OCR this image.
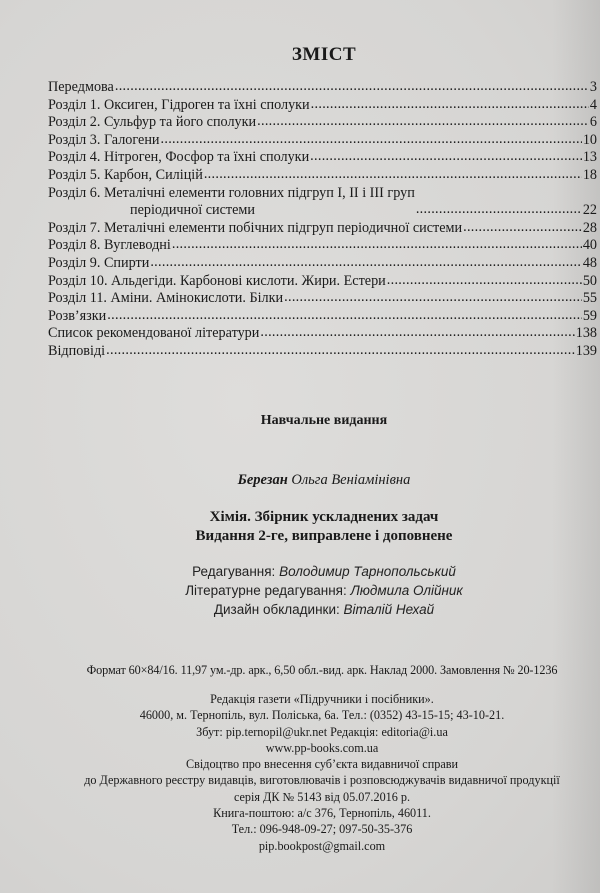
ЗМІСТ
Передмова .....	3
Розділ 1. Оксиген, Гідроген та їхні сполуки .....	4
Розділ 2. Сульфур та його сполуки .....	6
Розділ 3. Галогени .....	10
Розділ 4. Нітроген, Фосфор та їхні сполуки .....	13
Розділ 5. Карбон, Силіцій .....	18
Розділ 6. Металічні елементи головних підгруп I, II і III груп
періодичної системи .....	22
Розділ 7. Металічні елементи побічних підгруп періодичної системи .....	28
Розділ 8. Вуглеводні .....	40
Розділ 9. Спирти .....	48
Розділ 10. Альдегіди. Карбонові кислоти. Жири. Естери .....	50
Розділ 11. Аміни. Амінокислоти. Білки .....	55
Розв’язки .....	59
Список рекомендованої літератури .....	138
Відповіді .....	139
Навчальне видання
Березан Ольга Веніамінівна
Хімія. Збірник ускладнених задач
Видання 2-ге, виправлене і доповнене
Редагування: Володимир Тарнопольський
Літературне редагування: Людмила Олійник
Дизайн обкладинки: Віталій Нехай
Формат 60×84/16. 11,97 ум.-др. арк., 6,50 обл.-вид. арк. Наклад 2000. Замовлення № 20-1236
Редакція газети «Підручники і посібники».
46000, м. Тернопіль, вул. Поліська, 6а. Тел.: (0352) 43-15-15; 43-10-21.
Збут: pip.ternopil@ukr.net Редакція: editoria@i.ua
www.pp-books.com.ua
Свідоцтво про внесення суб’єкта видавничої справи
до Державного реєстру видавців, виготовлювачів і розповсюджувачів видавничої продукції
серія ДК № 5143 від 05.07.2016 р.
Книга-поштою: а/с 376, Тернопіль, 46011.
Тел.: 096-948-09-27; 097-50-35-376
pip.bookpost@gmail.com
